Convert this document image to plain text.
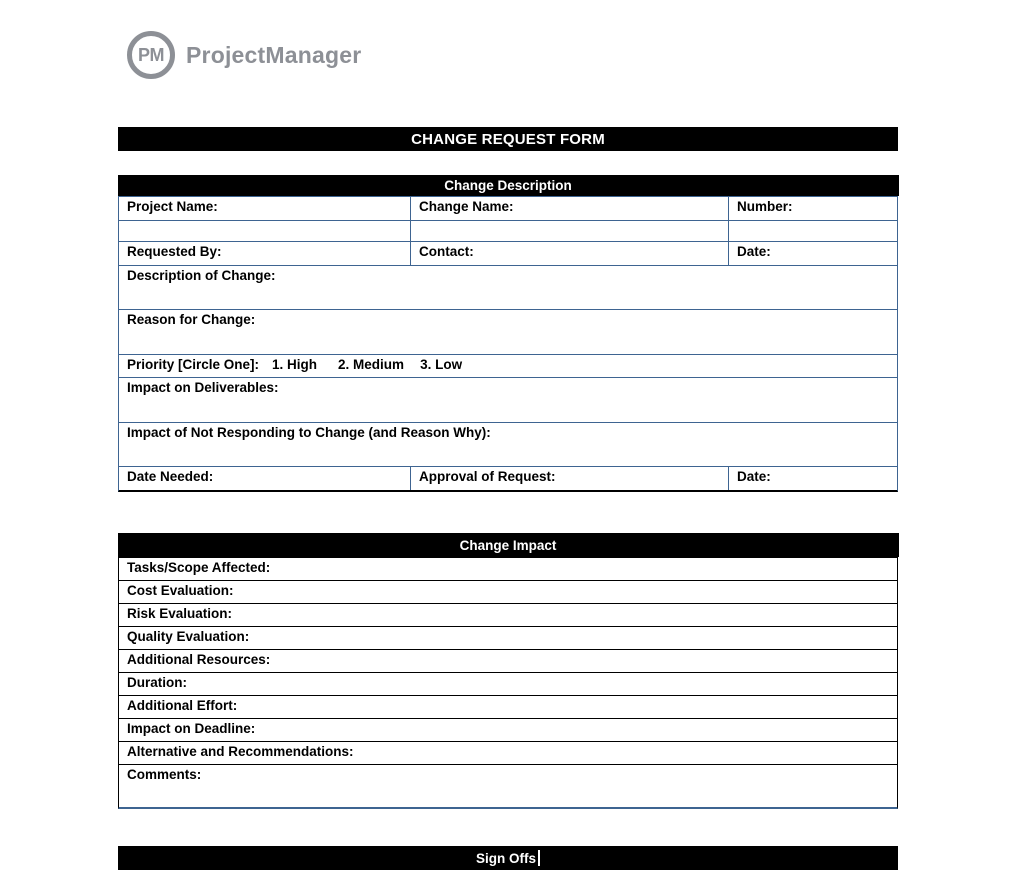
PM ProjectManager
CHANGE REQUEST FORM
Change Description
Project Name:	Change Name:	Number:
Requested By:	Contact:	Date:
Description of Change:
Reason for Change:
Priority [Circle One]: 1. High 2. Medium 3. Low
Impact on Deliverables:
Impact of Not Responding to Change (and Reason Why):
Date Needed:	Approval of Request:	Date:
Change Impact
Tasks/Scope Affected:
Cost Evaluation:
Risk Evaluation:
Quality Evaluation:
Additional Resources:
Duration:
Additional Effort:
Impact on Deadline:
Alternative and Recommendations:
Comments:
Sign Offs
